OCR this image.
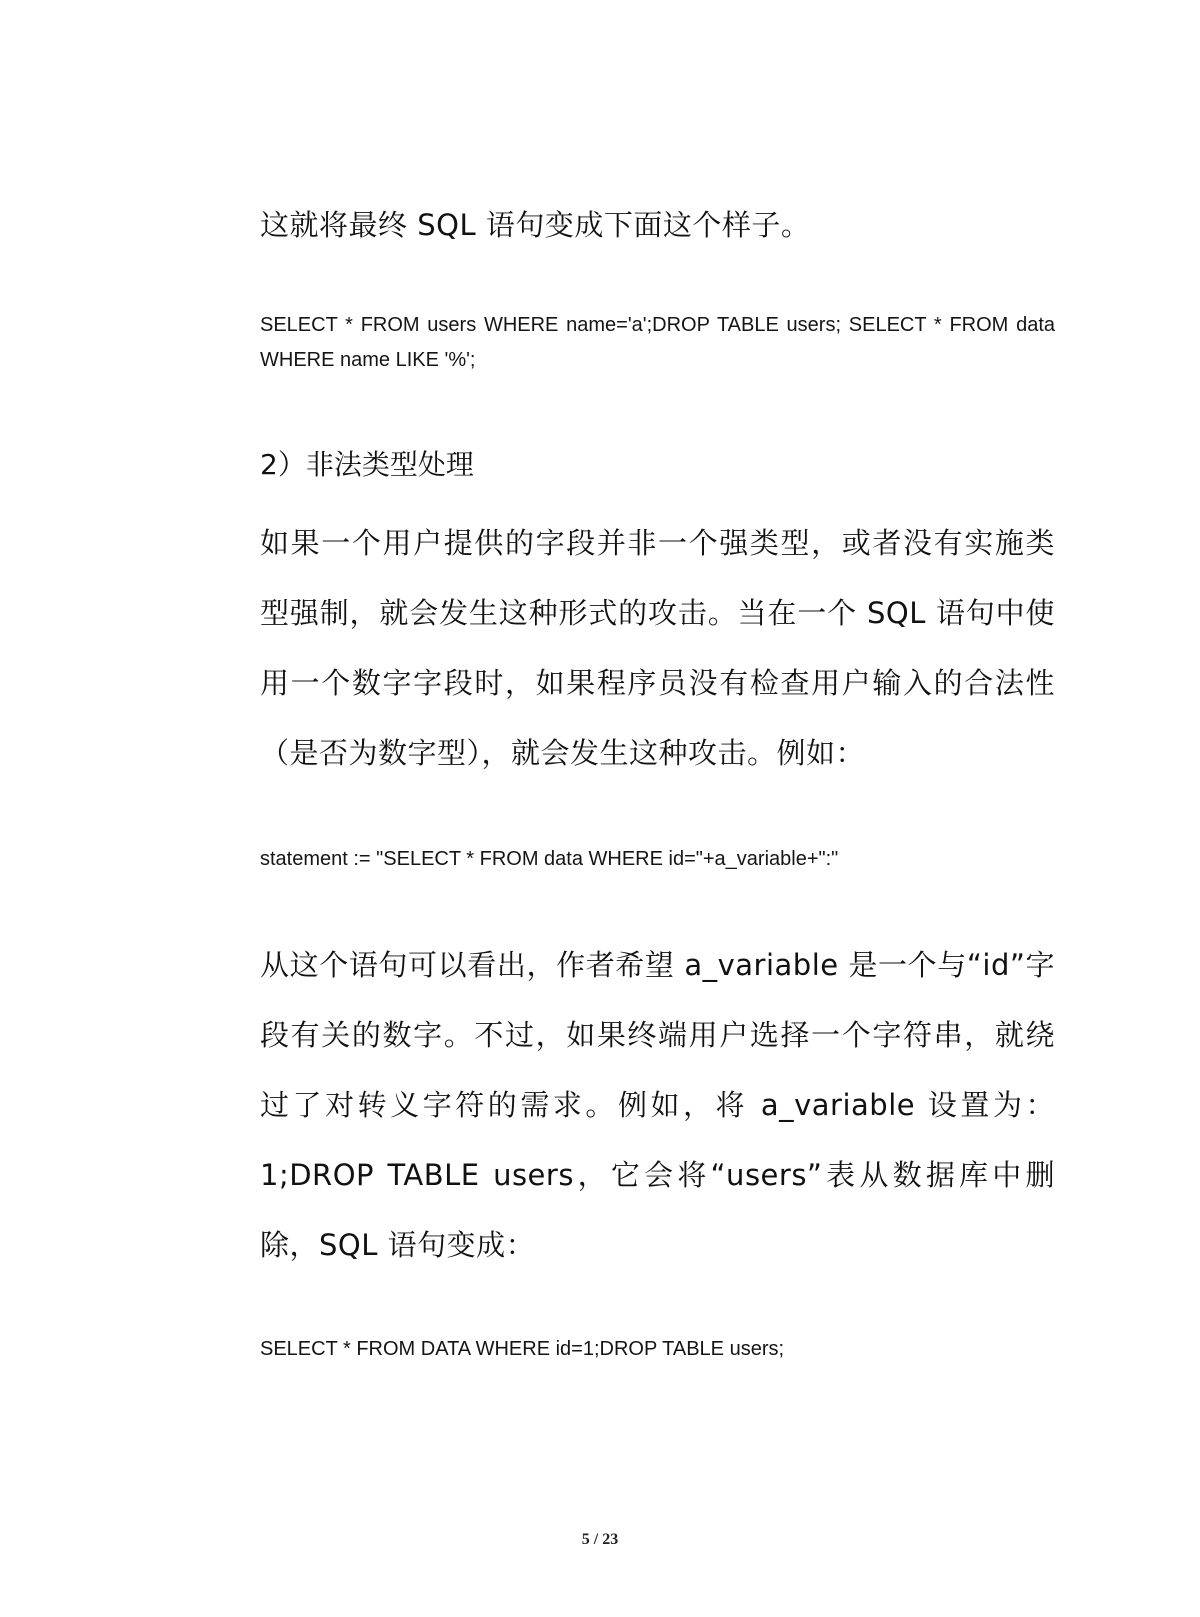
这就将最终 SQL 语句变成下面这个样子。
SELECT * FROM users WHERE name='a';DROP TABLE users; SELECT * FROM data WHERE name LIKE '%';
2）非法类型处理
如果一个用户提供的字段并非一个强类型，或者没有实施类型强制，就会发生这种形式的攻击。当在一个 SQL 语句中使用一个数字字段时，如果程序员没有检查用户输入的合法性（是否为数字型），就会发生这种攻击。例如：
statement := "SELECT * FROM data WHERE id="+a_variable+":"
从这个语句可以看出，作者希望 a_variable 是一个与“id”字段有关的数字。不过，如果终端用户选择一个字符串，就绕过了对转义字符的需求。例如，将 a_variable 设置为：1;DROP TABLE users，它会将“users”表从数据库中删除，SQL 语句变成：
SELECT * FROM DATA WHERE id=1;DROP TABLE users;
5 / 23
